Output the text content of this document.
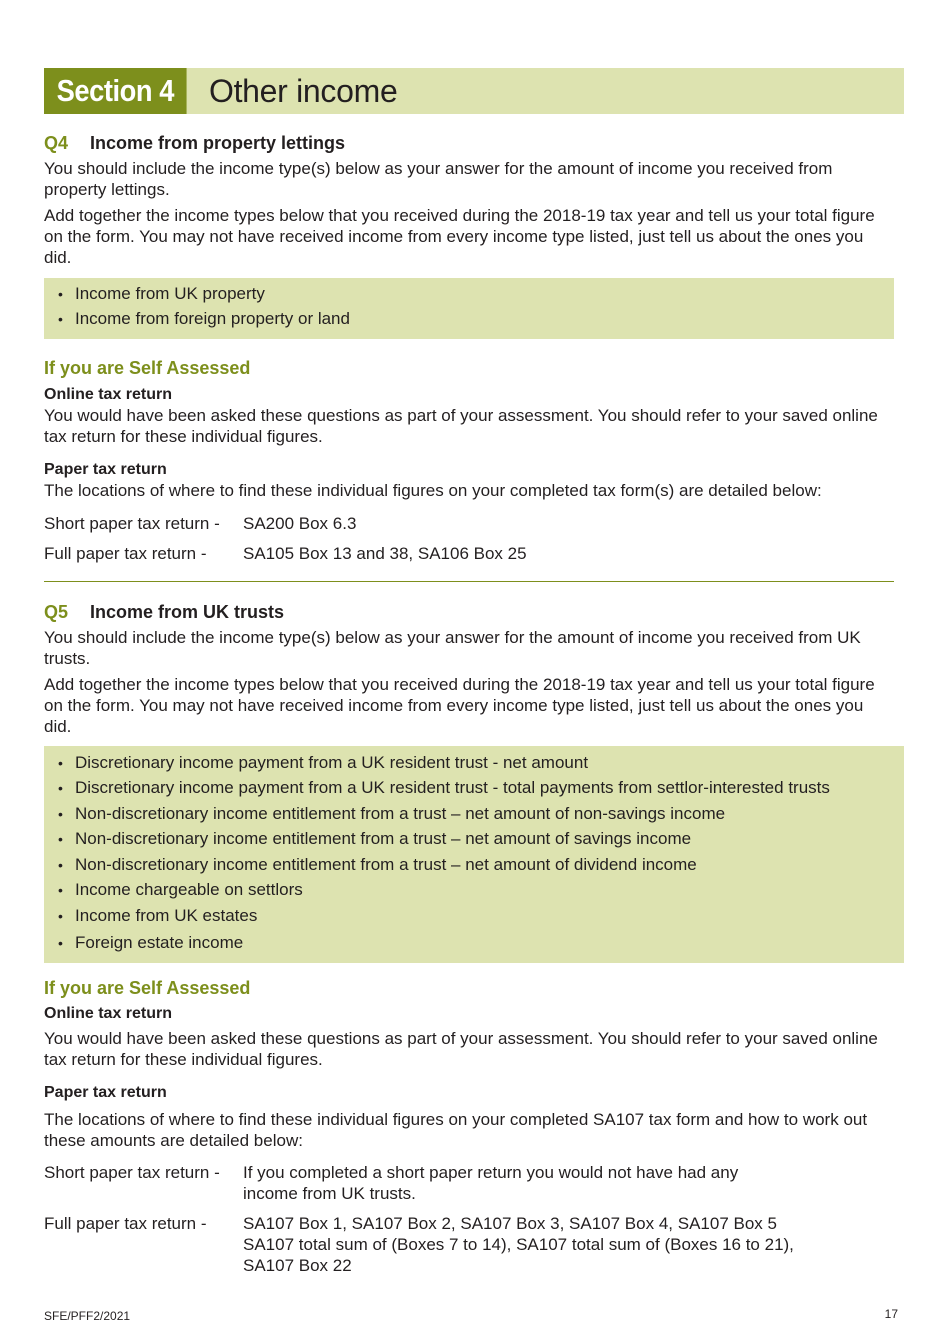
Section 4	Other income
Q4 Income from property lettings

You should include the income type(s) below as your answer for the amount of income you received from property lettings.

Add together the income types below that you received during the 2018-19 tax year and tell us your total figure on the form. You may not have received income from every income type listed, just tell us about the ones you did.

• Income from UK property
• Income from foreign property or land
If you are Self Assessed
Online tax return

You would have been asked these questions as part of your assessment. You should refer to your saved online tax return for these individual figures.

Paper tax return

The locations of where to find these individual figures on your completed tax form(s) are detailed below:

Short paper tax return - SA200 Box 6.3
Full paper tax return - SA105 Box 13 and 38, SA106 Box 25
Q5 Income from UK trusts

You should include the income type(s) below as your answer for the amount of income you received from UK trusts.

Add together the income types below that you received during the 2018-19 tax year and tell us your total figure on the form. You may not have received income from every income type listed, just tell us about the ones you did.

• Discretionary income payment from a UK resident trust - net amount
• Discretionary income payment from a UK resident trust - total payments from settlor-interested trusts
• Non-discretionary income entitlement from a trust – net amount of non-savings income
• Non-discretionary income entitlement from a trust – net amount of savings income
• Non-discretionary income entitlement from a trust – net amount of dividend income
• Income chargeable on settlors
• Income from UK estates
• Foreign estate income
If you are Self Assessed
Online tax return

You would have been asked these questions as part of your assessment. You should refer to your saved online tax return for these individual figures.

Paper tax return

The locations of where to find these individual figures on your completed SA107 tax form and how to work out these amounts are detailed below:

Short paper tax return - If you completed a short paper return you would not have had any income from UK trusts.
Full paper tax return - SA107 Box 1, SA107 Box 2, SA107 Box 3, SA107 Box 4, SA107 Box 5
SA107 total sum of (Boxes 7 to 14), SA107 total sum of (Boxes 16 to 21),
SA107 Box 22
SFE/PFF2/2021	17
